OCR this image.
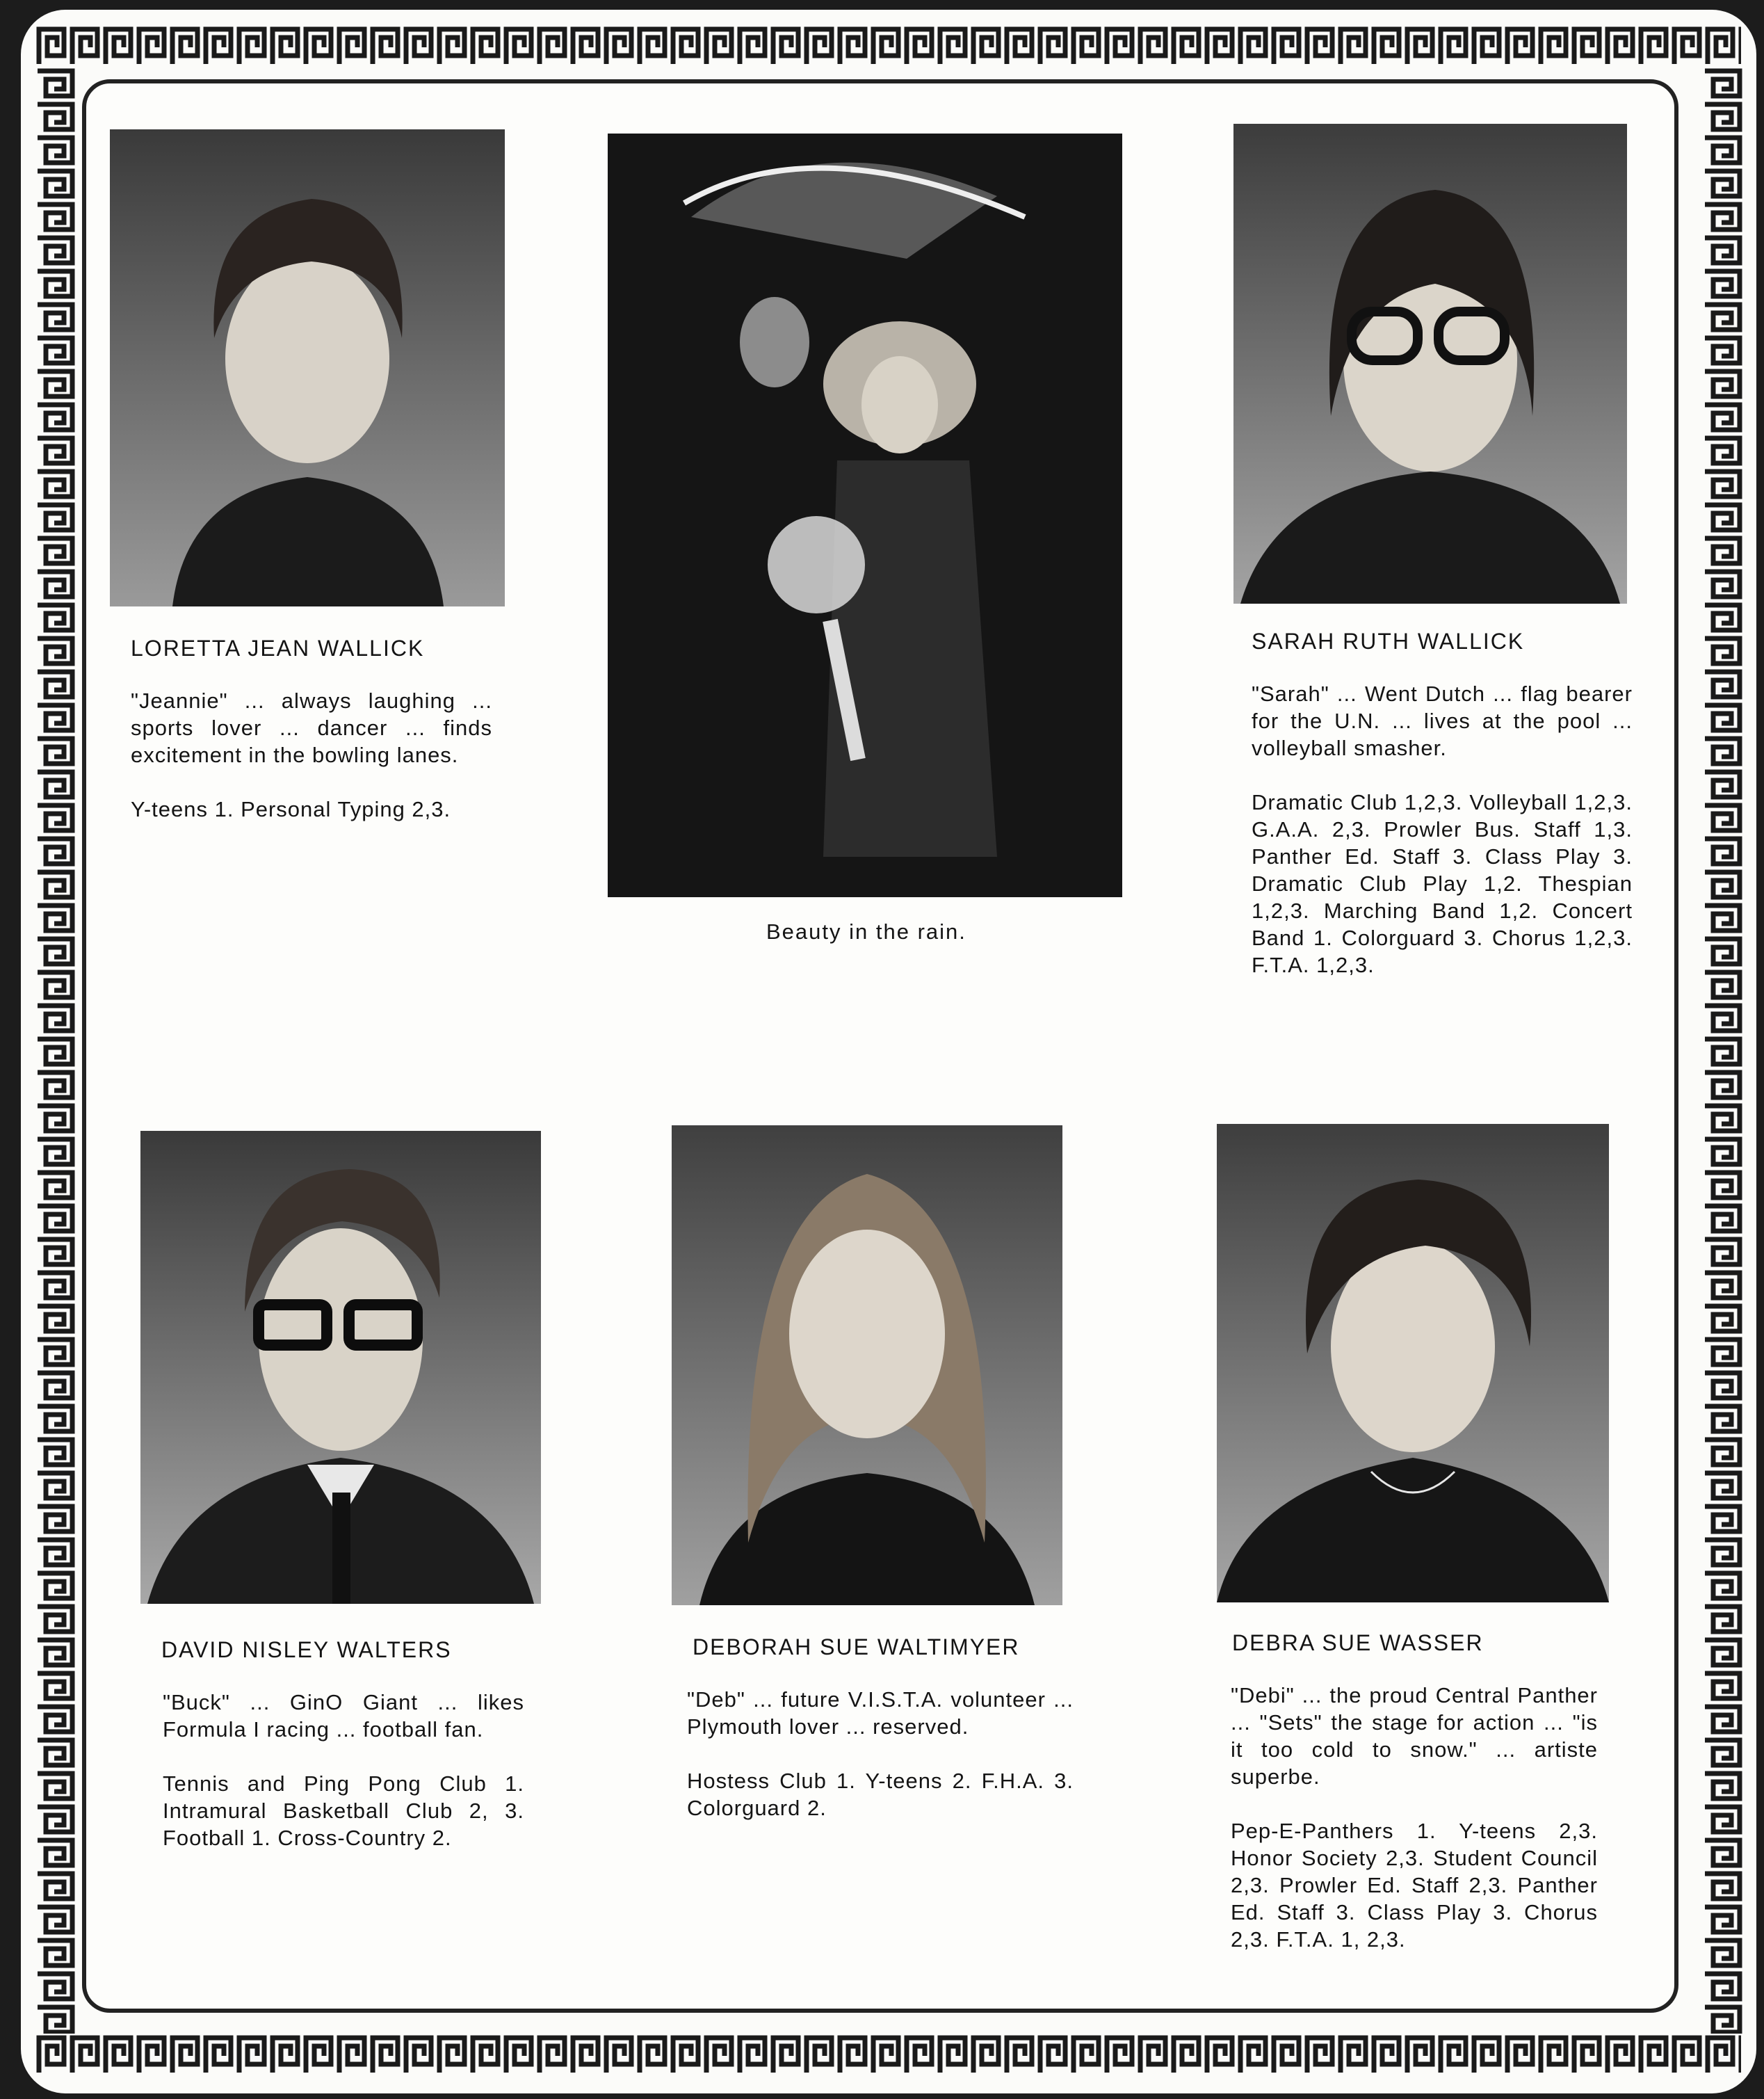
LORETTA JEAN WALLICK

"Jeannie" ... always laughing ... sports lover ... dancer ... finds excitement in the bowling lanes.

Y-teens 1. Personal Typing 2,3.

Beauty in the rain.
SARAH RUTH WALLICK

"Sarah" ... Went Dutch ... flag bearer for the U.N. ... lives at the pool ... volleyball smasher.

Dramatic Club 1,2,3. Volleyball 1,2,3. G.A.A. 2,3. Prowler Bus. Staff 1,3. Panther Ed. Staff 3. Class Play 3. Dramatic Club Play 1,2. Thespian 1,2,3. Marching Band 1,2. Concert Band 1. Colorguard 3. Chorus 1,2,3. F.T.A. 1,2,3.

DAVID NISLEY WALTERS

"Buck" ... GinO Giant ... likes Formula I racing ... football fan.

Tennis and Ping Pong Club 1. Intramural Basketball Club 2, 3. Football 1. Cross-Country 2.

DEBORAH SUE WALTIMYER

"Deb" ... future V.I.S.T.A. volunteer ... Plymouth lover ... reserved.

Hostess Club 1. Y-teens 2. F.H.A. 3. Colorguard 2.

DEBRA SUE WASSER

"Debi" ... the proud Central Panther ... "Sets" the stage for action ... "is it too cold to snow." ... artiste superbe.

Pep-E-Panthers 1. Y-teens 2,3. Honor Society 2,3. Student Council 2,3. Prowler Ed. Staff 2,3. Panther Ed. Staff 3. Class Play 3. Chorus 2,3. F.T.A. 1, 2,3.
